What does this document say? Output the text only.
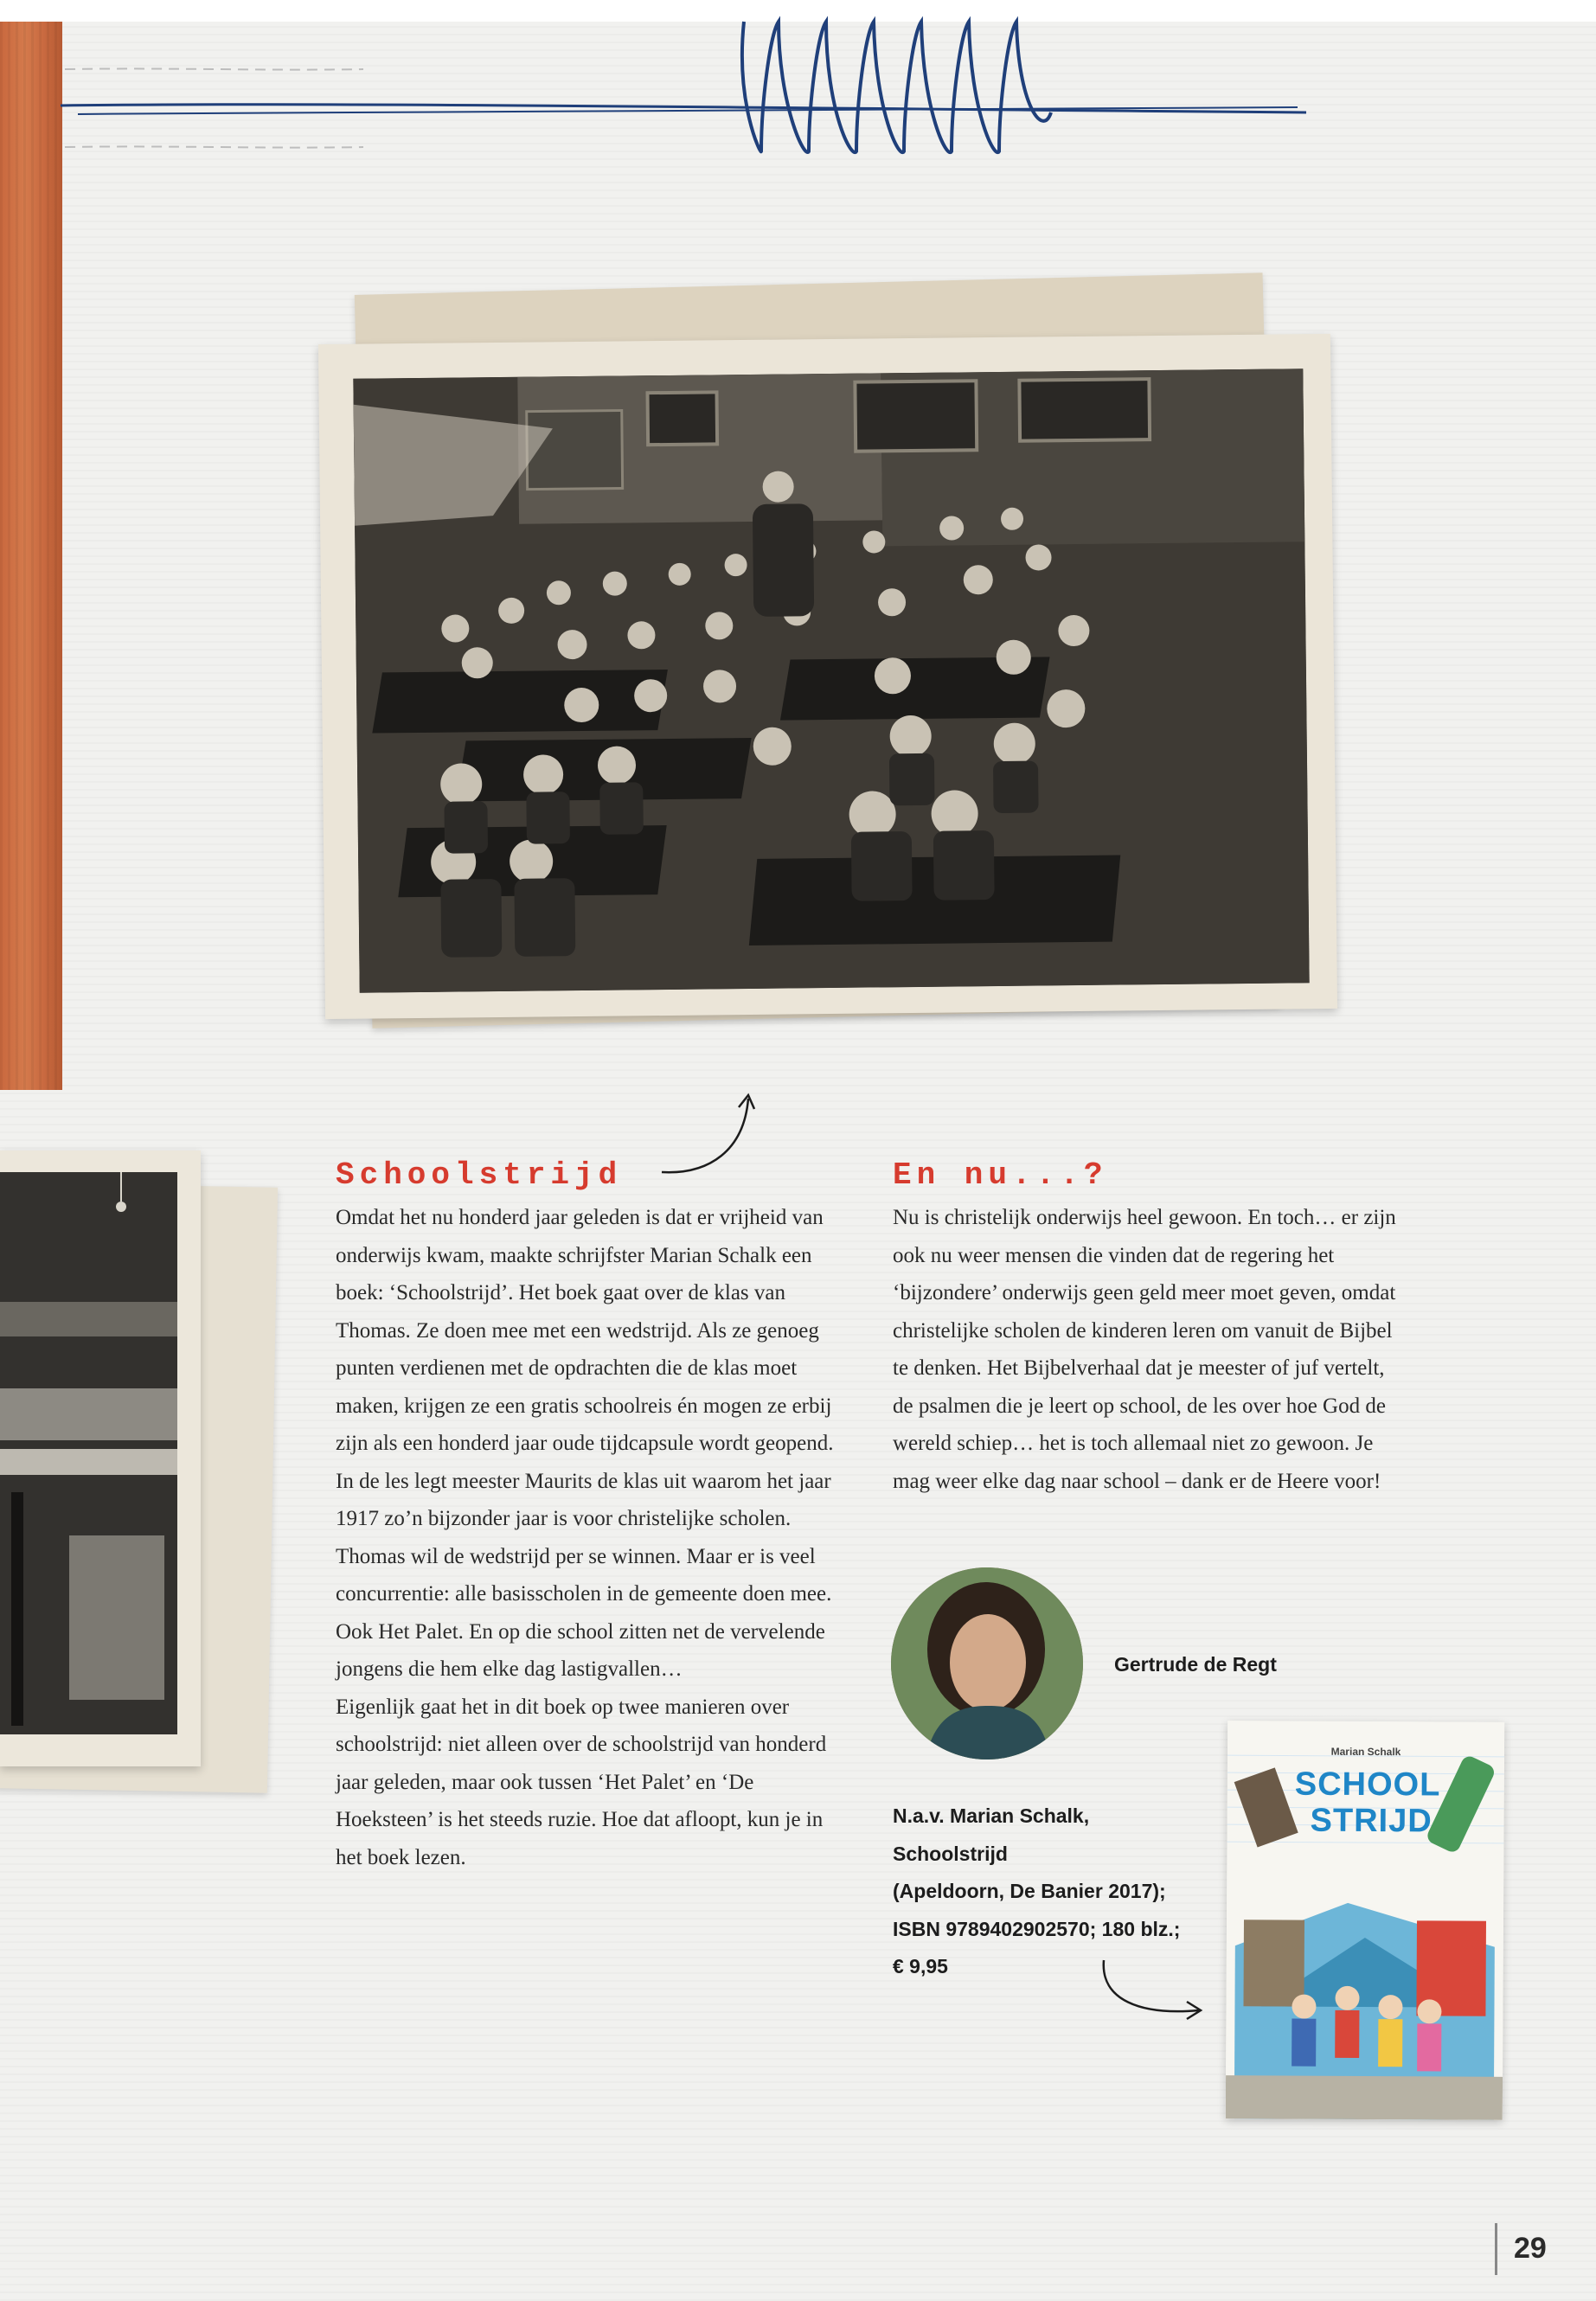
Schoolstrijd

Omdat het nu honderd jaar geleden is dat er vrijheid van onderwijs kwam, maakte schrijfster Marian Schalk een boek: ‘Schoolstrijd’. Het boek gaat over de klas van Thomas. Ze doen mee met een wedstrijd. Als ze genoeg punten verdienen met de opdrachten die de klas moet maken, krijgen ze een gratis schoolreis én mogen ze erbij zijn als een honderd jaar oude tijdcapsule wordt geopend. In de les legt meester Maurits de klas uit waarom het jaar 1917 zo’n bijzonder jaar is voor christelijke scholen. Thomas wil de wedstrijd per se winnen. Maar er is veel concurrentie: alle basisscholen in de gemeente doen mee. Ook Het Palet. En op die school zitten net de vervelende jongens die hem elke dag lastigvallen…

Eigenlijk gaat het in dit boek op twee manieren over schoolstrijd: niet alleen over de schoolstrijd van honderd jaar geleden, maar ook tussen ‘Het Palet’ en ‘De Hoeksteen’ is het steeds ruzie. Hoe dat afloopt, kun je in het boek lezen.

En nu...?

Nu is christelijk onderwijs heel gewoon. En toch… er zijn ook nu weer mensen die vinden dat de regering het ‘bijzondere’ onderwijs geen geld meer moet geven, omdat christelijke scholen de kinderen leren om vanuit de Bijbel te denken. Het Bijbelverhaal dat je meester of juf vertelt, de psalmen die je leert op school, de les over hoe God de wereld schiep… het is toch allemaal niet zo gewoon. Je mag weer elke dag naar school – dank er de Heere voor!

Gertrude de Regt
N.a.v. Marian Schalk,
Schoolstrijd
(Apeldoorn, De Banier 2017);
ISBN 9789402902570; 180 blz.;
€ 9,95
Marian Schalk
SCHOOL
STRIJD
29
